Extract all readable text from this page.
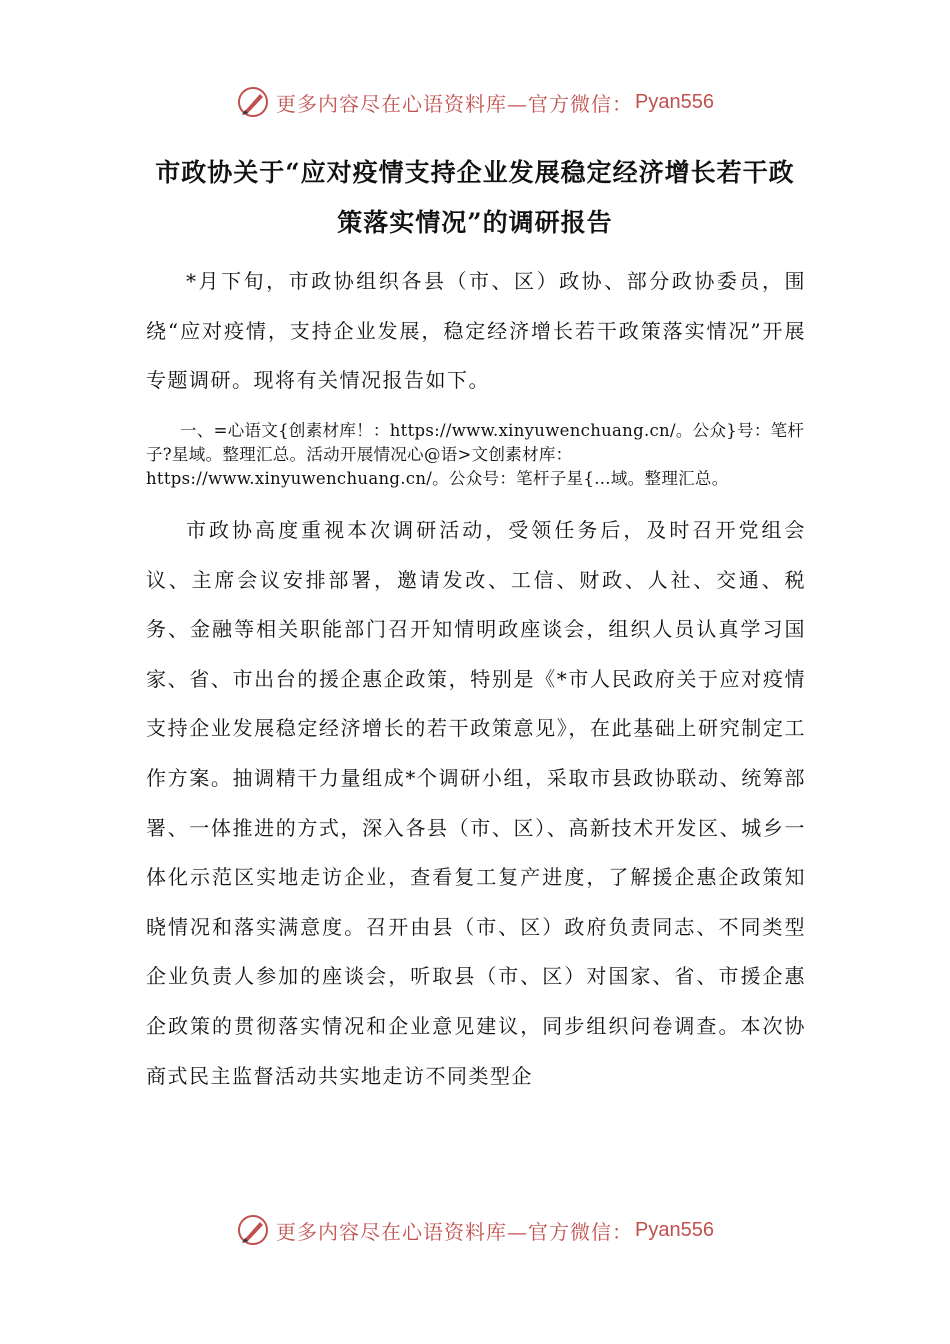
更多内容尽在心语资料库—官方微信： Pyan556
市政协关于“应对疫情支持企业发展稳定经济增长若干政
策落实情况”的调研报告

*月下旬，市政协组织各县（市、区）政协、部分政协委员，围绕“应对疫情，支持企业发展，稳定经济增长若干政策落实情况”开展专题调研。现将有关情况报告如下。

一、=心语文{创素材库！：https://www.xinyuwenchuang.cn/。公众}号：笔杆子?星域。整理汇总。活动开展情况心@语>文创素材库：https://www.xinyuwenchuang.cn/。公众号：笔杆子星{…域。整理汇总。

市政协高度重视本次调研活动，受领任务后，及时召开党组会议、主席会议安排部署，邀请发改、工信、财政、人社、交通、税务、金融等相关职能部门召开知情明政座谈会，组织人员认真学习国家、省、市出台的援企惠企政策，特别是《*市人民政府关于应对疫情支持企业发展稳定经济增长的若干政策意见》，在此基础上研究制定工作方案。抽调精干力量组成*个调研小组，采取市县政协联动、统筹部署、一体推进的方式，深入各县（市、区）、高新技术开发区、城乡一体化示范区实地走访企业，查看复工复产进度，了解援企惠企政策知晓情况和落实满意度。召开由县（市、区）政府负责同志、不同类型企业负责人参加的座谈会，听取县（市、区）对国家、省、市援企惠企政策的贯彻落实情况和企业意见建议，同步组织问卷调查。本次协商式民主监督活动共实地走访不同类型企

更多内容尽在心语资料库—官方微信： Pyan556
